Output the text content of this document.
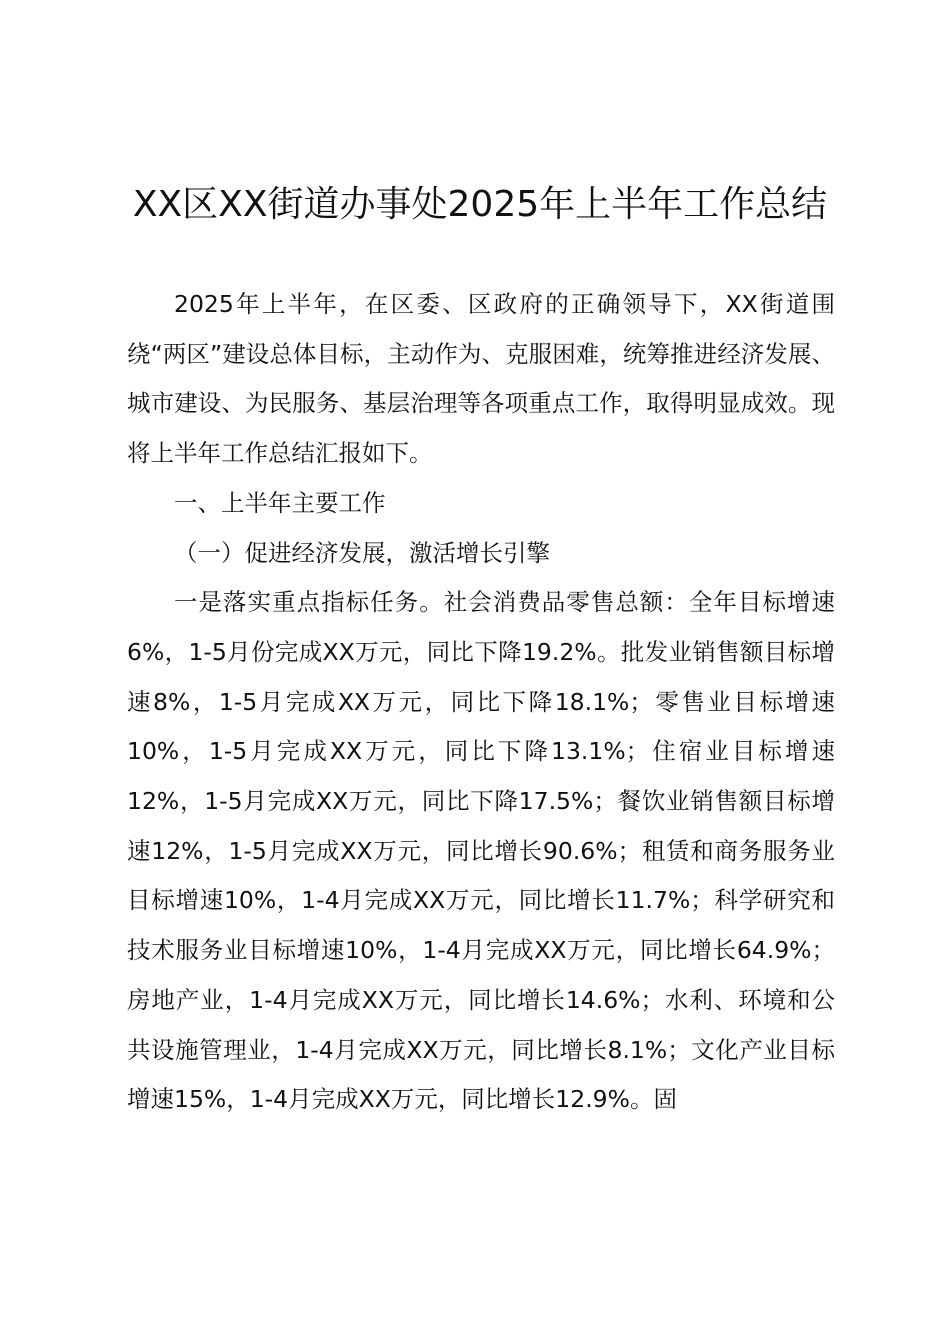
XX区XX街道办事处2025年上半年工作总结

2025年上半年，在区委、区政府的正确领导下，XX街道围绕“两区”建设总体目标，主动作为、克服困难，统筹推进经济发展、城市建设、为民服务、基层治理等各项重点工作，取得明显成效。现将上半年工作总结汇报如下。

一、上半年主要工作

（一）促进经济发展，激活增长引擎

一是落实重点指标任务。社会消费品零售总额：全年目标增速6%，1-5月份完成XX万元，同比下降19.2%。批发业销售额目标增速8%，1-5月完成XX万元，同比下降18.1%；零售业目标增速10%，1-5月完成XX万元，同比下降13.1%；住宿业目标增速12%，1-5月完成XX万元，同比下降17.5%；餐饮业销售额目标增速12%，1-5月完成XX万元，同比增长90.6%；租赁和商务服务业目标增速10%，1-4月完成XX万元，同比增长11.7%；科学研究和技术服务业目标增速10%，1-4月完成XX万元，同比增长64.9%；房地产业，1-4月完成XX万元，同比增长14.6%；水利、环境和公共设施管理业，1-4月完成XX万元，同比增长8.1%；文化产业目标增速15%，1-4月完成XX万元，同比增长12.9%。固
